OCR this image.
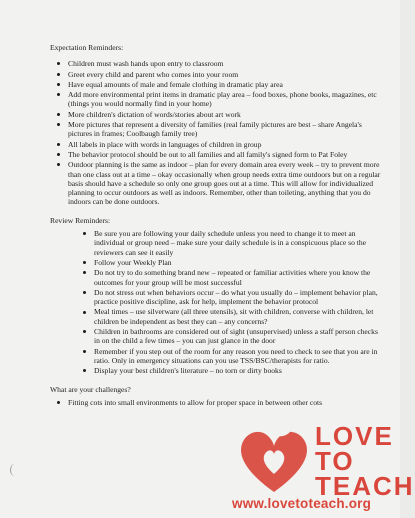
Expectation Reminders:
Children must wash hands upon entry to classroom
Greet every child and parent who comes into your room
Have equal amounts of male and female clothing in dramatic play area
Add more environmental print items in dramatic play area – food boxes, phone books, magazines, etc (things you would normally find in your home)
More children's dictation of words/stories about art work
More pictures that represent a diversity of families (real family pictures are best – share Angela's pictures in frames; Coolbaugh family tree)
All labels in place with words in languages of children in group
The behavior protocol should be out to all families and all family's signed form to Pat Foley
Outdoor planning is the same as indoor – plan for every domain area every week – try to prevent more than one class out at a time – okay occasionally when group needs extra time outdoors but on a regular basis should have a schedule so only one group goes out at a time. This will allow for individualized planning to occur outdoors as well as indoors. Remember, other than toileting, anything that you do indoors can be done outdoors.
Review Reminders:
Be sure you are following your daily schedule unless you need to change it to meet an individual or group need – make sure your daily schedule is in a conspicuous place so the reviewers can see it easily
Follow your Weekly Plan
Do not try to do something brand new – repeated or familiar activities where you know the outcomes for your group will be most successful
Do not stress out when behaviors occur – do what you usually do – implement behavior plan, practice positive discipline, ask for help, implement the behavior protocol
Meal times – use silverware (all three utensils), sit with children, converse with children, let children be independent as best they can – any concerns?
Children in bathrooms are considered out of sight (unsupervised) unless a staff person checks in on the child a few times – you can just glance in the door
Remember if you step out of the room for any reason you need to check to see that you are in ratio. Only in emergency situations can you use TSS/BSC/therapists for ratio.
Display your best children's literature – no torn or dirty books
What are your challenges?
Fitting cots into small environments to allow for proper space in between other cots
LOVE
TO
TEACH
www.lovetoteach.org
